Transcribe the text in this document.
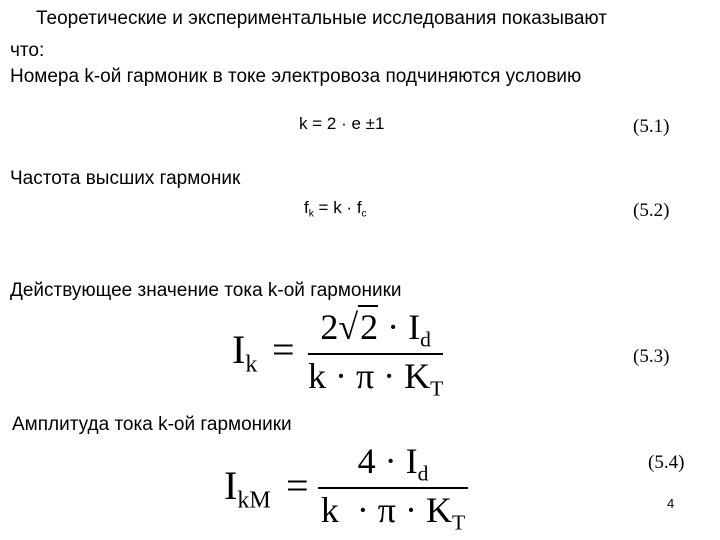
Теоретические и экспериментальные исследования показывают
что:
Номера k-ой гармоник в токе электровоза подчиняются условию
k = 2 · e ±1	(5.1)
Частота высших гармоник
$f_k = k \cdot f_c$	(5.2)
Действующее значение тока k-ой гармоники
$I_k = 2√2 \cdot I_d$
$k \cdot \pi \cdot K_T$
(5.3)
Амплитуда тока k-ой гармоники
$I_{kM}$ =
$4 \cdot I_d$
$k \cdot \pi \cdot K_T$
(5.4)
4
